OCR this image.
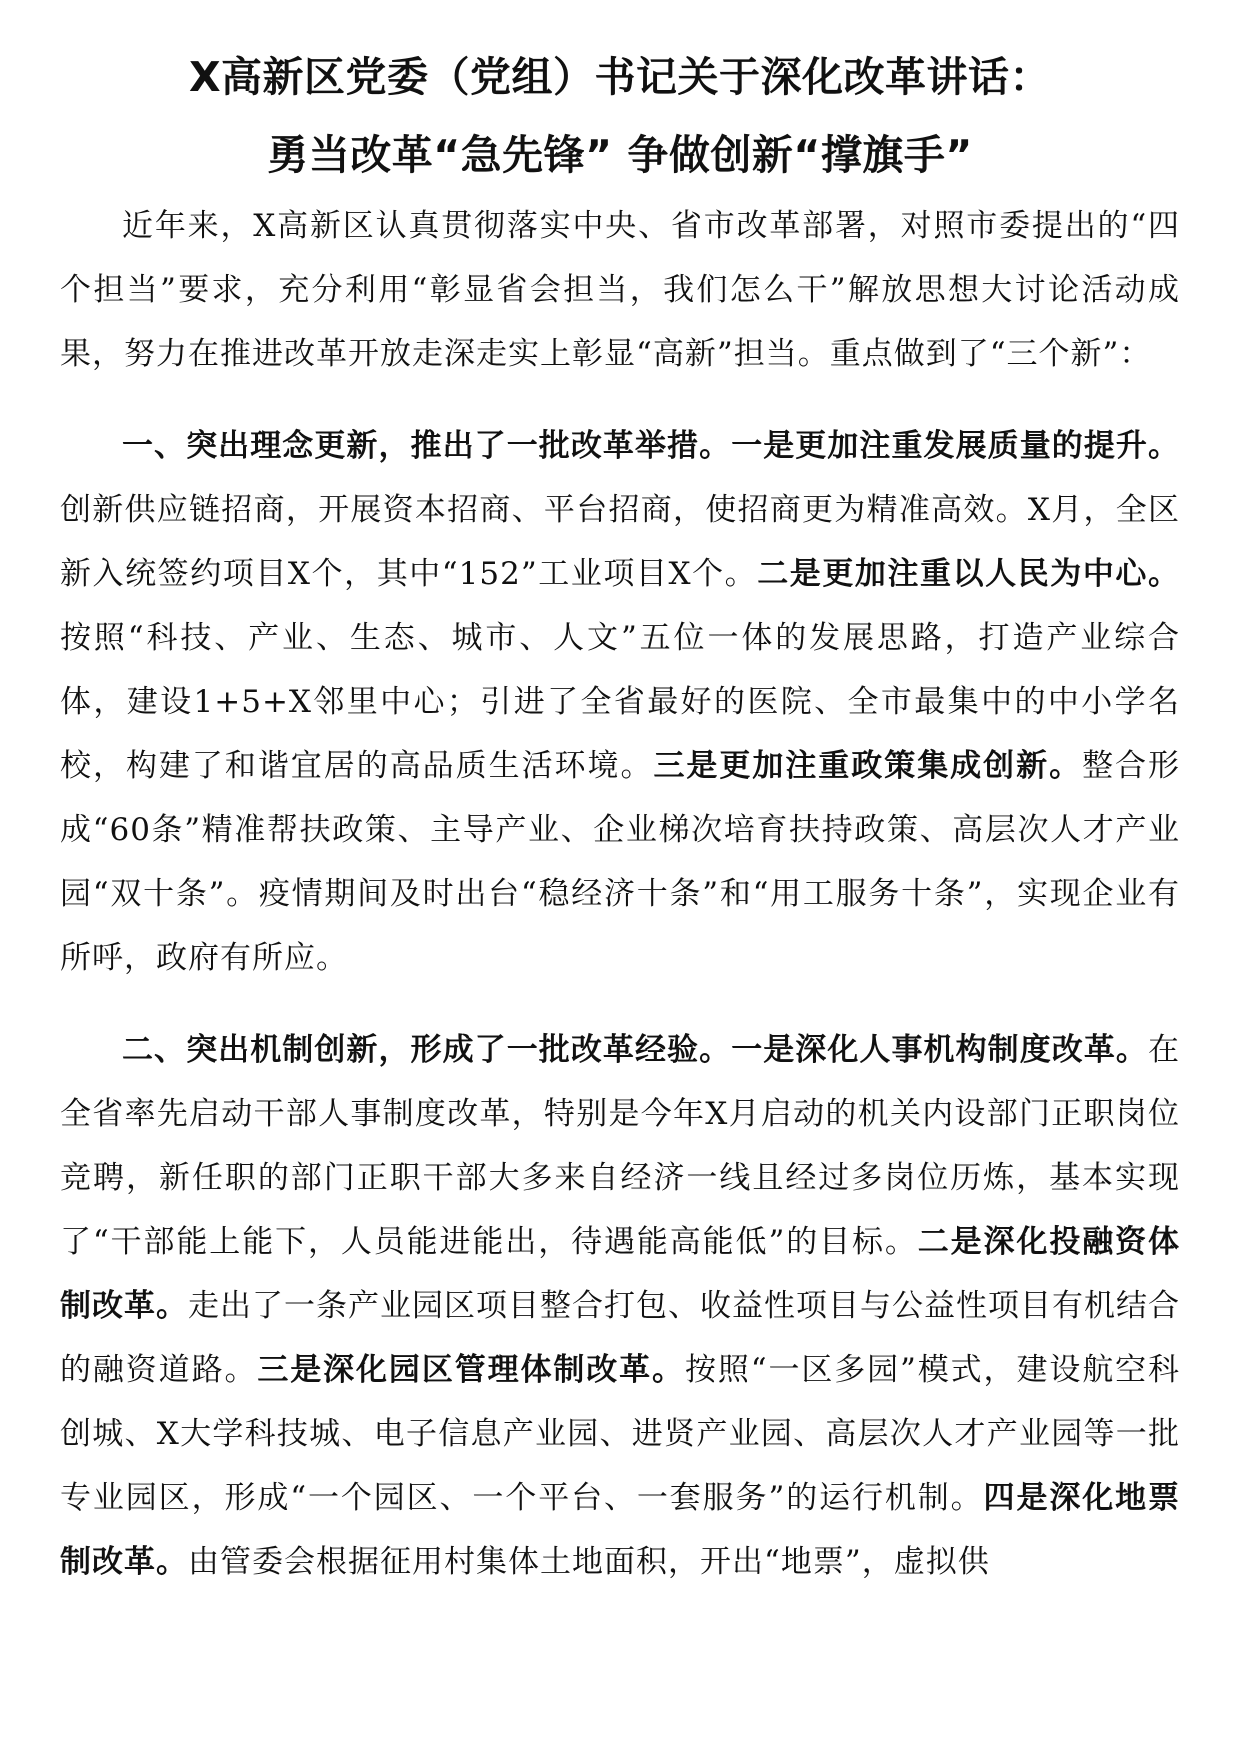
X高新区党委（党组）书记关于深化改革讲话：
勇当改革“急先锋” 争做创新“撑旗手”

近年来，X高新区认真贯彻落实中央、省市改革部署，对照市委提出的“四个担当”要求，充分利用“彰显省会担当，我们怎么干”解放思想大讨论活动成果，努力在推进改革开放走深走实上彰显“高新”担当。重点做到了“三个新”：

一、突出理念更新，推出了一批改革举措。一是更加注重发展质量的提升。创新供应链招商，开展资本招商、平台招商，使招商更为精准高效。X月，全区新入统签约项目X个，其中“152”工业项目X个。二是更加注重以人民为中心。按照“科技、产业、生态、城市、人文”五位一体的发展思路，打造产业综合体，建设1+5+X邻里中心；引进了全省最好的医院、全市最集中的中小学名校，构建了和谐宜居的高品质生活环境。三是更加注重政策集成创新。整合形成“60条”精准帮扶政策、主导产业、企业梯次培育扶持政策、高层次人才产业园“双十条”。疫情期间及时出台“稳经济十条”和“用工服务十条”，实现企业有所呼，政府有所应。

二、突出机制创新，形成了一批改革经验。一是深化人事机构制度改革。在全省率先启动干部人事制度改革，特别是今年X月启动的机关内设部门正职岗位竞聘，新任职的部门正职干部大多来自经济一线且经过多岗位历炼，基本实现了“干部能上能下，人员能进能出，待遇能高能低”的目标。二是深化投融资体制改革。走出了一条产业园区项目整合打包、收益性项目与公益性项目有机结合的融资道路。三是深化园区管理体制改革。按照“一区多园”模式，建设航空科创城、X大学科技城、电子信息产业园、进贤产业园、高层次人才产业园等一批专业园区，形成“一个园区、一个平台、一套服务”的运行机制。四是深化地票制改革。由管委会根据征用村集体土地面积，开出“地票”，虚拟供
